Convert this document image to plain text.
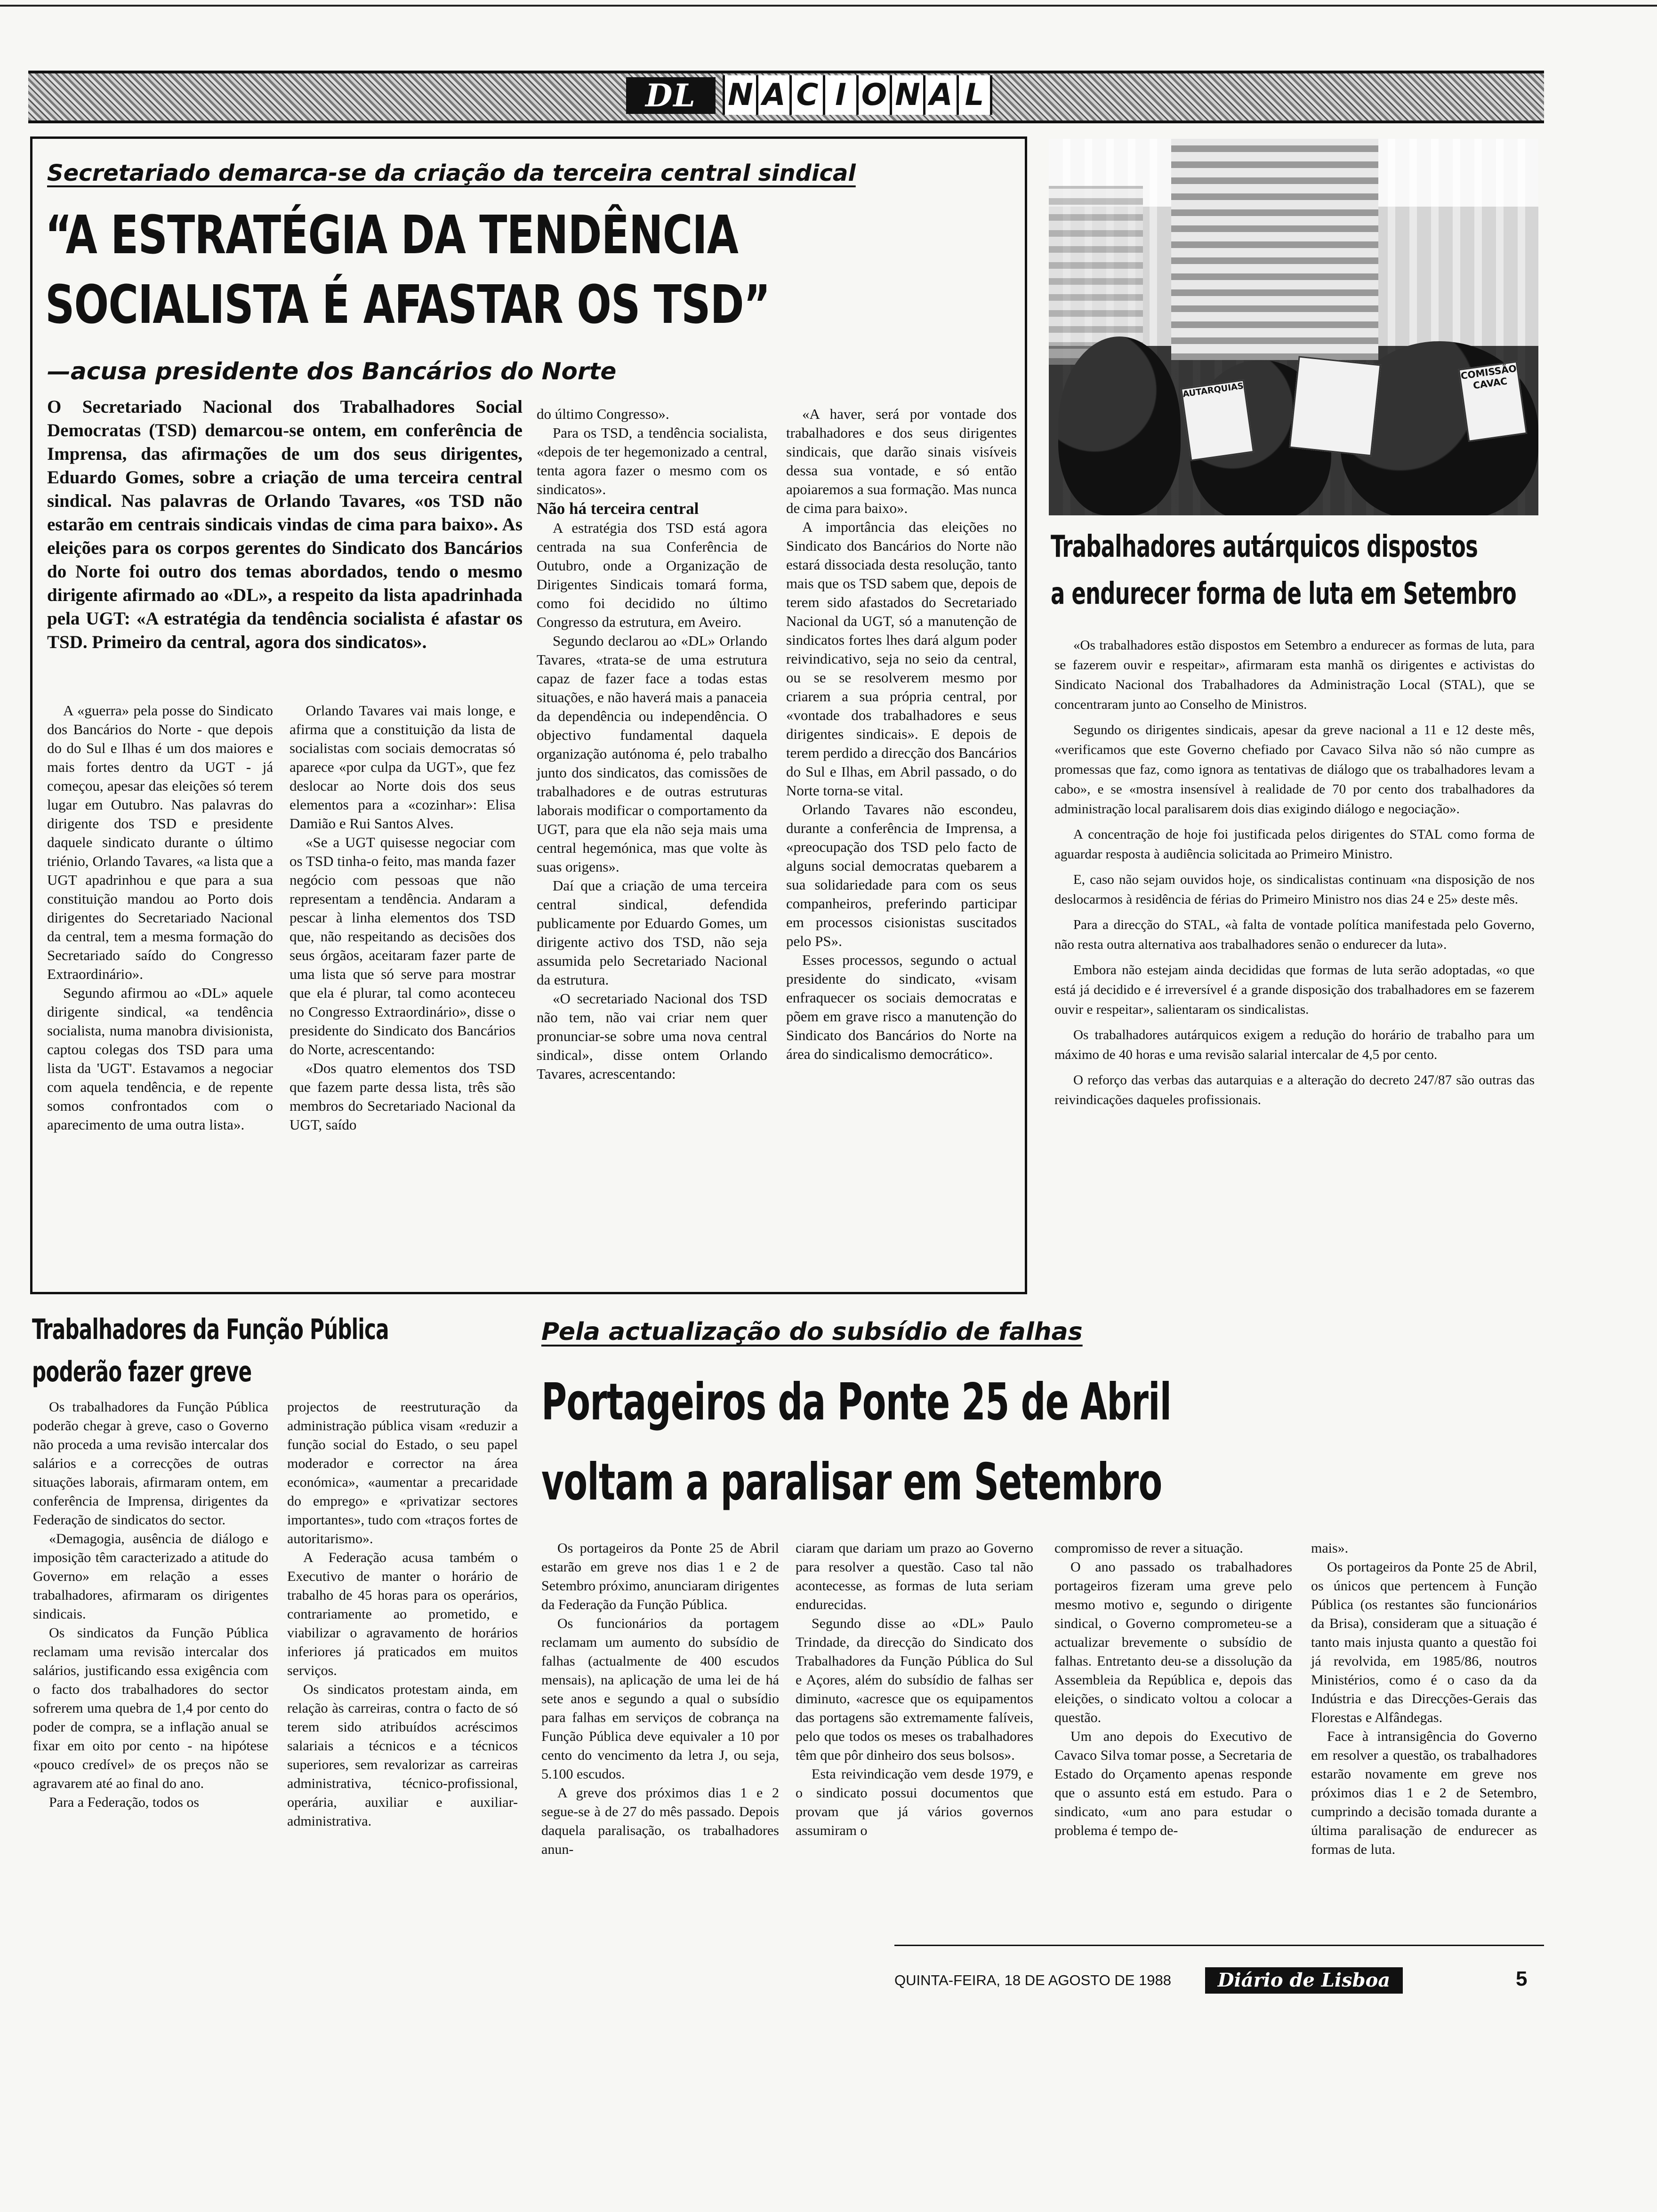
DL	N A C I O N A L
Secretariado demarca-se da criação da terceira central sindical
“A ESTRATÉGIA DA TENDÊNCIA
SOCIALISTA É AFASTAR OS TSD”
—acusa presidente dos Bancários do Norte
O Secretariado Nacional dos Trabalhadores Social Democratas (TSD) demarcou-se ontem, em conferência de Imprensa, das afirmações de um dos seus dirigentes, Eduardo Gomes, sobre a criação de uma terceira central sindical. Nas palavras de Orlando Tavares, «os TSD não estarão em centrais sindicais vindas de cima para baixo». As eleições para os corpos gerentes do Sindicato dos Bancários do Norte foi outro dos temas abordados, tendo o mesmo dirigente afirmado ao «DL», a respeito da lista apadrinhada pela UGT: «A estratégia da tendência socialista é afastar os TSD. Primeiro da central, agora dos sindicatos».

A «guerra» pela posse do Sindicato dos Bancários do Norte - que depois do do Sul e Ilhas é um dos maiores e mais fortes dentro da UGT - já começou, apesar das eleições só terem lugar em Outubro. Nas palavras do dirigente dos TSD e presidente daquele sindicato durante o último triénio, Orlando Tavares, «a lista que a UGT apadrinhou e que para a sua constituição mandou ao Porto dois dirigentes do Secretariado Nacional da central, tem a mesma formação do Secretariado saído do Congresso Extraordinário».

Segundo afirmou ao «DL» aquele dirigente sindical, «a tendência socialista, numa manobra divisionista, captou colegas dos TSD para uma lista da 'UGT'. Estavamos a negociar com aquela tendência, e de repente somos confrontados com o aparecimento de uma outra lista».

Orlando Tavares vai mais longe, e afirma que a constituição da lista de socialistas com sociais democratas só aparece «por culpa da UGT», que fez deslocar ao Norte dois dos seus elementos para a «cozinhar»: Elisa Damião e Rui Santos Alves.

«Se a UGT quisesse negociar com os TSD tinha-o feito, mas manda fazer negócio com pessoas que não representam a tendência. Andaram a pescar à linha elementos dos TSD que, não respeitando as decisões dos seus órgãos, aceitaram fazer parte de uma lista que só serve para mostrar que ela é plurar, tal como aconteceu no Congresso Extraordinário», disse o presidente do Sindicato dos Bancários do Norte, acrescentando:

«Dos quatro elementos dos TSD que fazem parte dessa lista, três são membros do Secretariado Nacional da UGT, saído

do último Congresso».

Para os TSD, a tendência socialista, «depois de ter hegemonizado a central, tenta agora fazer o mesmo com os sindicatos».

Não há terceira central

A estratégia dos TSD está agora centrada na sua Conferência de Outubro, onde a Organização de Dirigentes Sindicais tomará forma, como foi decidido no último Congresso da estrutura, em Aveiro.

Segundo declarou ao «DL» Orlando Tavares, «trata-se de uma estrutura capaz de fazer face a todas estas situações, e não haverá mais a panaceia da dependência ou independência. O objectivo fundamental daquela organização autónoma é, pelo trabalho junto dos sindicatos, das comissões de trabalhadores e de outras estruturas laborais modificar o comportamento da UGT, para que ela não seja mais uma central hegemónica, mas que volte às suas origens».

Daí que a criação de uma terceira central sindical, defendida publicamente por Eduardo Gomes, um dirigente activo dos TSD, não seja assumida pelo Secretariado Nacional da estrutura.

«O secretariado Nacional dos TSD não tem, não vai criar nem quer pronunciar-se sobre uma nova central sindical», disse ontem Orlando Tavares, acrescentando:

«A haver, será por vontade dos trabalhadores e dos seus dirigentes sindicais, que darão sinais visíveis dessa sua vontade, e só então apoiaremos a sua formação. Mas nunca de cima para baixo».

A importância das eleições no Sindicato dos Bancários do Norte não estará dissociada desta resolução, tanto mais que os TSD sabem que, depois de terem sido afastados do Secretariado Nacional da UGT, só a manutenção de sindicatos fortes lhes dará algum poder reivindicativo, seja no seio da central, ou se se resolverem mesmo por criarem a sua própria central, por «vontade dos trabalhadores e seus dirigentes sindicais». E depois de terem perdido a direcção dos Bancários do Sul e Ilhas, em Abril passado, o do Norte torna-se vital.

Orlando Tavares não escondeu, durante a conferência de Imprensa, a «preocupação dos TSD pelo facto de alguns social democratas quebarem a sua solidariedade para com os seus companheiros, preferindo participar em processos cisionistas suscitados pelo PS».

Esses processos, segundo o actual presidente do sindicato, «visam enfraquecer os sociais democratas e põem em grave risco a manutenção do Sindicato dos Bancários do Norte na área do sindicalismo democrático».

AUTARQUIAS
COMISSÃO CAVAC
Trabalhadores autárquicos dispostos
a endurecer forma de luta em Setembro

«Os trabalhadores estão dispostos em Setembro a endurecer as formas de luta, para se fazerem ouvir e respeitar», afirmaram esta manhã os dirigentes e activistas do Sindicato Nacional dos Trabalhadores da Administração Local (STAL), que se concentraram junto ao Conselho de Ministros.

Segundo os dirigentes sindicais, apesar da greve nacional a 11 e 12 deste mês, «verificamos que este Governo chefiado por Cavaco Silva não só não cumpre as promessas que faz, como ignora as tentativas de diálogo que os trabalhadores levam a cabo», e se «mostra insensível à realidade de 70 por cento dos trabalhadores da administração local paralisarem dois dias exigindo diálogo e negociação».

A concentração de hoje foi justificada pelos dirigentes do STAL como forma de aguardar resposta à audiência solicitada ao Primeiro Ministro.

E, caso não sejam ouvidos hoje, os sindicalistas continuam «na disposição de nos deslocarmos à residência de férias do Primeiro Ministro nos dias 24 e 25» deste mês.

Para a direcção do STAL, «à falta de vontade política manifestada pelo Governo, não resta outra alternativa aos trabalhadores senão o endurecer da luta».

Embora não estejam ainda decididas que formas de luta serão adoptadas, «o que está já decidido e é irreversível é a grande disposição dos trabalhadores em se fazerem ouvir e respeitar», salientaram os sindicalistas.

Os trabalhadores autárquicos exigem a redução do horário de trabalho para um máximo de 40 horas e uma revisão salarial intercalar de 4,5 por cento.

O reforço das verbas das autarquias e a alteração do decreto 247/87 são outras das reivindicações daqueles profissionais.

Trabalhadores da Função Pública
poderão fazer greve

Os trabalhadores da Função Pública poderão chegar à greve, caso o Governo não proceda a uma revisão intercalar dos salários e a correcções de outras situações laborais, afirmaram ontem, em conferência de Imprensa, dirigentes da Federação de sindicatos do sector.

«Demagogia, ausência de diálogo e imposição têm caracterizado a atitude do Governo» em relação a esses trabalhadores, afirmaram os dirigentes sindicais.

Os sindicatos da Função Pública reclamam uma revisão intercalar dos salários, justificando essa exigência com o facto dos trabalhadores do sector sofrerem uma quebra de 1,4 por cento do poder de compra, se a inflação anual se fixar em oito por cento - na hipótese «pouco credível» de os preços não se agravarem até ao final do ano.

Para a Federação, todos os

projectos de reestruturação da administração pública visam «reduzir a função social do Estado, o seu papel moderador e corrector na área económica», «aumentar a precaridade do emprego» e «privatizar sectores importantes», tudo com «traços fortes de autoritarismo».

A Federação acusa também o Executivo de manter o horário de trabalho de 45 horas para os operários, contrariamente ao prometido, e viabilizar o agravamento de horários inferiores já praticados em muitos serviços.

Os sindicatos protestam ainda, em relação às carreiras, contra o facto de só terem sido atribuídos acréscimos salariais a técnicos e a técnicos superiores, sem revalorizar as carreiras administrativa, técnico-profissional, operária, auxiliar e auxiliar-administrativa.

Pela actualização do subsídio de falhas
Portageiros da Ponte 25 de Abril
voltam a paralisar em Setembro

Os portageiros da Ponte 25 de Abril estarão em greve nos dias 1 e 2 de Setembro próximo, anunciaram dirigentes da Federação da Função Pública.

Os funcionários da portagem reclamam um aumento do subsídio de falhas (actualmente de 400 escudos mensais), na aplicação de uma lei de há sete anos e segundo a qual o subsídio para falhas em serviços de cobrança na Função Pública deve equivaler a 10 por cento do vencimento da letra J, ou seja, 5.100 escudos.

A greve dos próximos dias 1 e 2 segue-se à de 27 do mês passado. Depois daquela paralisação, os trabalhadores anun-

ciaram que dariam um prazo ao Governo para resolver a questão. Caso tal não acontecesse, as formas de luta seriam endurecidas.

Segundo disse ao «DL» Paulo Trindade, da direcção do Sindicato dos Trabalhadores da Função Pública do Sul e Açores, além do subsídio de falhas ser diminuto, «acresce que os equipamentos das portagens são extremamente falíveis, pelo que todos os meses os trabalhadores têm que pôr dinheiro dos seus bolsos».

Esta reivindicação vem desde 1979, e o sindicato possui documentos que provam que já vários governos assumiram o

compromisso de rever a situação.

O ano passado os trabalhadores portageiros fizeram uma greve pelo mesmo motivo e, segundo o dirigente sindical, o Governo comprometeu-se a actualizar brevemente o subsídio de falhas. Entretanto deu-se a dissolução da Assembleia da República e, depois das eleições, o sindicato voltou a colocar a questão.

Um ano depois do Executivo de Cavaco Silva tomar posse, a Secretaria de Estado do Orçamento apenas responde que o assunto está em estudo. Para o sindicato, «um ano para estudar o problema é tempo de-

mais».

Os portageiros da Ponte 25 de Abril, os únicos que pertencem à Função Pública (os restantes são funcionários da Brisa), consideram que a situação é tanto mais injusta quanto a questão foi já revolvida, em 1985/86, noutros Ministérios, como é o caso da da Indústria e das Direcções-Gerais das Florestas e Alfândegas.

Face à intransigência do Governo em resolver a questão, os trabalhadores estarão novamente em greve nos próximos dias 1 e 2 de Setembro, cumprindo a decisão tomada durante a última paralisação de endurecer as formas de luta.

QUINTA-FEIRA, 18 DE AGOSTO DE 1988	Diário de Lisboa	5
